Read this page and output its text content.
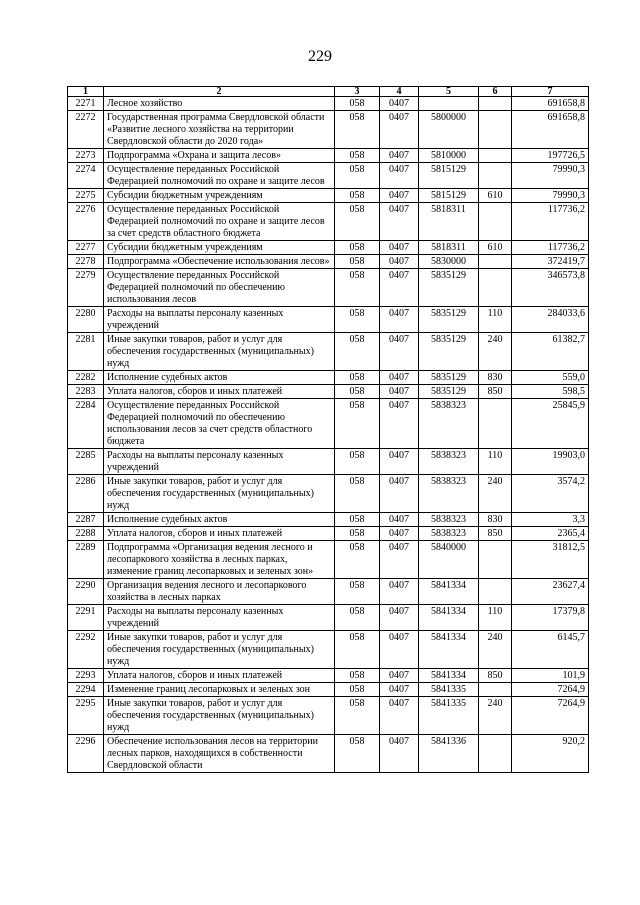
229
1	2	3	4	5	6	7
2271	Лесное хозяйство	058	0407			691658,8
2272	Государственная программа Свердловской области «Развитие лесного хозяйства на территории Свердловской области до 2020 года»	058	0407	5800000		691658,8
2273	Подпрограмма «Охрана и защита лесов»	058	0407	5810000		197726,5
2274	Осуществление переданных Российской Федерацией полномочий по охране и защите лесов	058	0407	5815129		79990,3
2275	Субсидии бюджетным учреждениям	058	0407	5815129	610	79990,3
2276	Осуществление переданных Российской Федерацией полномочий по охране и защите лесов за счет средств областного бюджета	058	0407	5818311		117736,2
2277	Субсидии бюджетным учреждениям	058	0407	5818311	610	117736,2
2278	Подпрограмма «Обеспечение использования лесов»	058	0407	5830000		372419,7
2279	Осуществление переданных Российской Федерацией полномочий по обеспечению использования лесов	058	0407	5835129		346573,8
2280	Расходы на выплаты персоналу казенных учреждений	058	0407	5835129	110	284033,6
2281	Иные закупки товаров, работ и услуг для обеспечения государственных (муниципальных) нужд	058	0407	5835129	240	61382,7
2282	Исполнение судебных актов	058	0407	5835129	830	559,0
2283	Уплата налогов, сборов и иных платежей	058	0407	5835129	850	598,5
2284	Осуществление переданных Российской Федерацией полномочий по обеспечению использования лесов за счет средств областного бюджета	058	0407	5838323		25845,9
2285	Расходы на выплаты персоналу казенных учреждений	058	0407	5838323	110	19903,0
2286	Иные закупки товаров, работ и услуг для обеспечения государственных (муниципальных) нужд	058	0407	5838323	240	3574,2
2287	Исполнение судебных актов	058	0407	5838323	830	3,3
2288	Уплата налогов, сборов и иных платежей	058	0407	5838323	850	2365,4
2289	Подпрограмма «Организация ведения лесного и лесопаркового хозяйства в лесных парках, изменение границ лесопарковых и зеленых зон»	058	0407	5840000		31812,5
2290	Организация ведения лесного и лесопаркового хозяйства в лесных парках	058	0407	5841334		23627,4
2291	Расходы на выплаты персоналу казенных учреждений	058	0407	5841334	110	17379,8
2292	Иные закупки товаров, работ и услуг для обеспечения государственных (муниципальных) нужд	058	0407	5841334	240	6145,7
2293	Уплата налогов, сборов и иных платежей	058	0407	5841334	850	101,9
2294	Изменение границ лесопарковых и зеленых зон	058	0407	5841335		7264,9
2295	Иные закупки товаров, работ и услуг для обеспечения государственных (муниципальных) нужд	058	0407	5841335	240	7264,9
2296	Обеспечение использования лесов на территории лесных парков, находящихся в собственности Свердловской области	058	0407	5841336		920,2
